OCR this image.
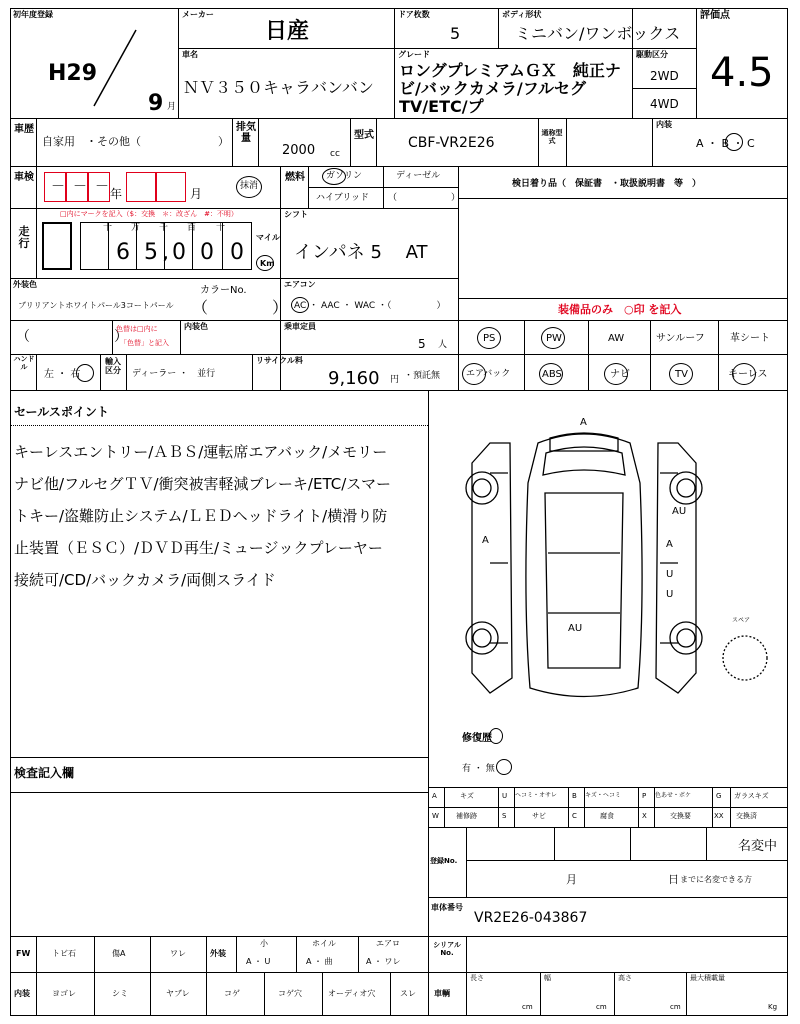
初年度登録
H29
9 月
メーカー
日産
ドア枚数
5
ボディ形状
ミニバン/ワンボックス
評価点
4.5
車名
ＮＶ３５０キャラバンバン
グレード
ロングプレミアムＧＸ　純正ナビ/バックカメラ/フルセグTV/ETC/プ
駆動区分
2WD
4WD
車歴
自家用　・その他（　　　　　　　）
排気量
2000 cc
型式 CBF-VR2E26
通称型式
内装
A ・ B ・ C
車検
－ － － 年	月
抹消
燃料 ガソリン	ディーゼル
ハイブリッド （　　　　　　）
検日着り品（　保証書　・取扱説明書　等　）
走行
□内にマークを記入（$：交換　＊：改ざん　#：不明）
十 万 千 百 十
6 5 , 0 0 0
マイル
Km
シフト
インパネ 5　 AT
外装色
ブリリアントホワイトパール3コートパール
カラーNo.
（　　　　）
エアコン
AC ・ AAC ・ WAC ・（　　　　　）	装備品のみ　○印 を記入
（　　　　　　）
色替は□内に
「色替」と記入
内装色	乗車定員
5 人
PS	PW	AW	サンルーフ	革シート
エアバック	ABS	ナビ	TV	キーレス
ハンドル
左 ・ 右
輸入区分	ディーラー ・　並行
リサイクル料
9,160 円 ・預託無
セールスポイント
キーレスエントリー/ＡＢＳ/運転席エアバック/メモリー
ナビ他/フルセグＴＶ/衝突被害軽減ブレーキ/ETC/スマー
トキー/盗難防止システム/ＬＥＤヘッドライト/横滑り防
止装置（ＥＳＣ）/ＤＶＤ再生/ミュージックプレーヤー
接続可/CD/バックカメラ/両側スライド
A
AU
A	A
U
U
AU
スペア
修復歴
有 ・ 無
検査記入欄
A	キズ	U ヘコミ・オサレ B キズ・ヘコミ	P 色あせ・ボケ	G ガラスキズ
W 補修跡	S	サビ	C	腐食	X	交換要	XX 交換済
登録No.
名変中
月	日 までに名変できる方
車体番号
VR2E26-043867
FW	トビ石	傷A	ワレ	外装
小
A ・ U
ホイル
A ・ 曲
エアロ
A ・ ワレ
シリアルNo.
内装	ヨゴレ	シミ	ヤブレ	コゲ	コゲ穴	オーディオ穴	スレ 車輌
長さ
cm
幅
cm
高さ
cm
最大積載量
Kg
